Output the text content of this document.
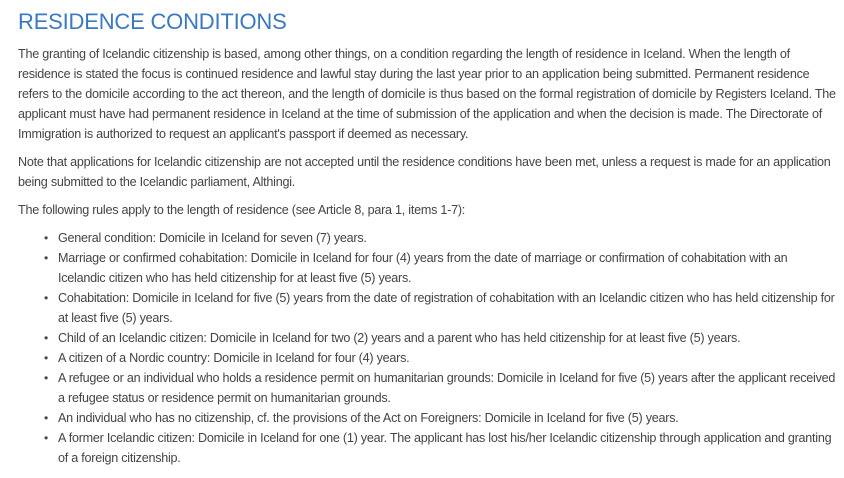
RESIDENCE CONDITIONS

The granting of Icelandic citizenship is based, among other things, on a condition regarding the length of residence in Iceland. When the length of residence is stated the focus is continued residence and lawful stay during the last year prior to an application being submitted. Permanent residence refers to the domicile according to the act thereon, and the length of domicile is thus based on the formal registration of domicile by Registers Iceland. The applicant must have had permanent residence in Iceland at the time of submission of the application and when the decision is made. The Directorate of Immigration is authorized to request an applicant's passport if deemed as necessary.

Note that applications for Icelandic citizenship are not accepted until the residence conditions have been met, unless a request is made for an application being submitted to the Icelandic parliament, Althingi.

The following rules apply to the length of residence (see Article 8, para 1, items 1-7):

• General condition: Domicile in Iceland for seven (7) years.
• Marriage or confirmed cohabitation: Domicile in Iceland for four (4) years from the date of marriage or confirmation of cohabitation with an Icelandic citizen who has held citizenship for at least five (5) years.
• Cohabitation: Domicile in Iceland for five (5) years from the date of registration of cohabitation with an Icelandic citizen who has held citizenship for at least five (5) years.
• Child of an Icelandic citizen: Domicile in Iceland for two (2) years and a parent who has held citizenship for at least five (5) years.
• A citizen of a Nordic country: Domicile in Iceland for four (4) years.
• A refugee or an individual who holds a residence permit on humanitarian grounds: Domicile in Iceland for five (5) years after the applicant received a refugee status or residence permit on humanitarian grounds.
• An individual who has no citizenship, cf. the provisions of the Act on Foreigners: Domicile in Iceland for five (5) years.
• A former Icelandic citizen: Domicile in Iceland for one (1) year. The applicant has lost his/her Icelandic citizenship through application and granting of a foreign citizenship.
